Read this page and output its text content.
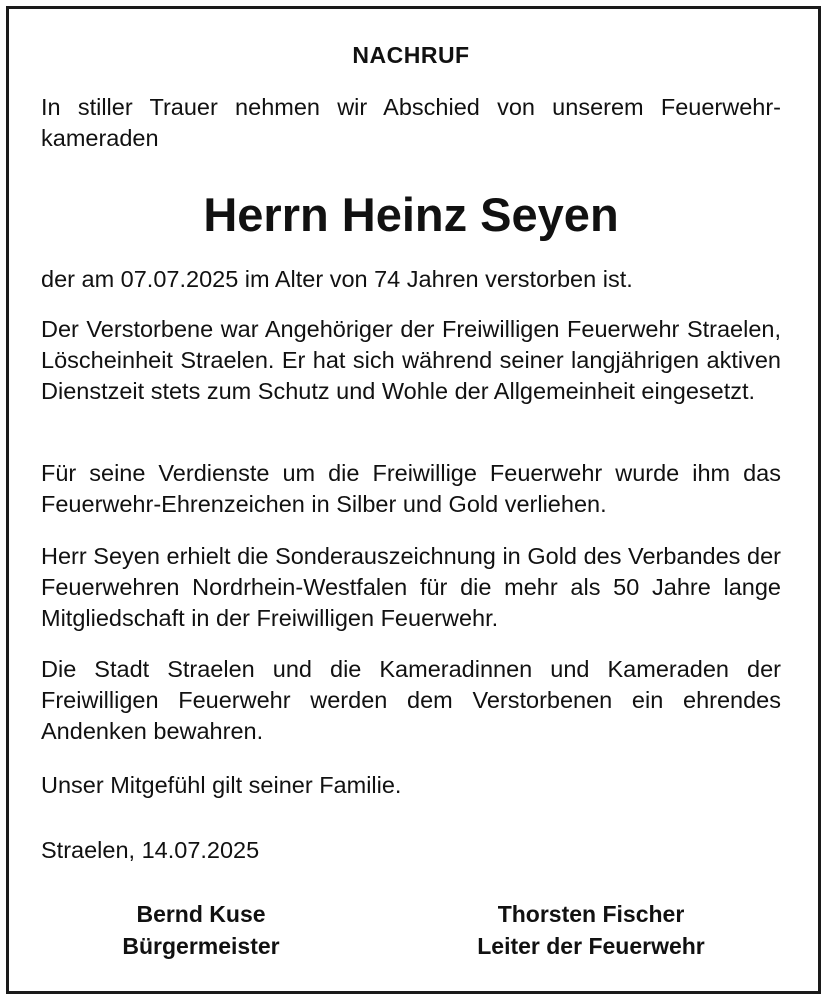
NACHRUF
In stiller Trauer nehmen wir Abschied von unserem Feuerwehr-kameraden
Herrn Heinz Seyen
der am 07.07.2025 im Alter von 74 Jahren verstorben ist.
Der Verstorbene war Angehöriger der Freiwilligen Feuerwehr Straelen, Löscheinheit Straelen. Er hat sich während seiner langjährigen aktiven Dienstzeit stets zum Schutz und Wohle der Allgemeinheit eingesetzt.
Für seine Verdienste um die Freiwillige Feuerwehr wurde ihm das Feuerwehr-Ehrenzeichen in Silber und Gold verliehen.
Herr Seyen erhielt die Sonderauszeichnung in Gold des Verbandes der Feuerwehren Nordrhein-Westfalen für die mehr als 50 Jahre lange Mitgliedschaft in der Freiwilligen Feuerwehr.
Die Stadt Straelen und die Kameradinnen und Kameraden der Freiwilligen Feuerwehr werden dem Verstorbenen ein ehrendes Andenken bewahren.
Unser Mitgefühl gilt seiner Familie.
Straelen, 14.07.2025
Bernd Kuse
Bürgermeister
Thorsten Fischer
Leiter der Feuerwehr
